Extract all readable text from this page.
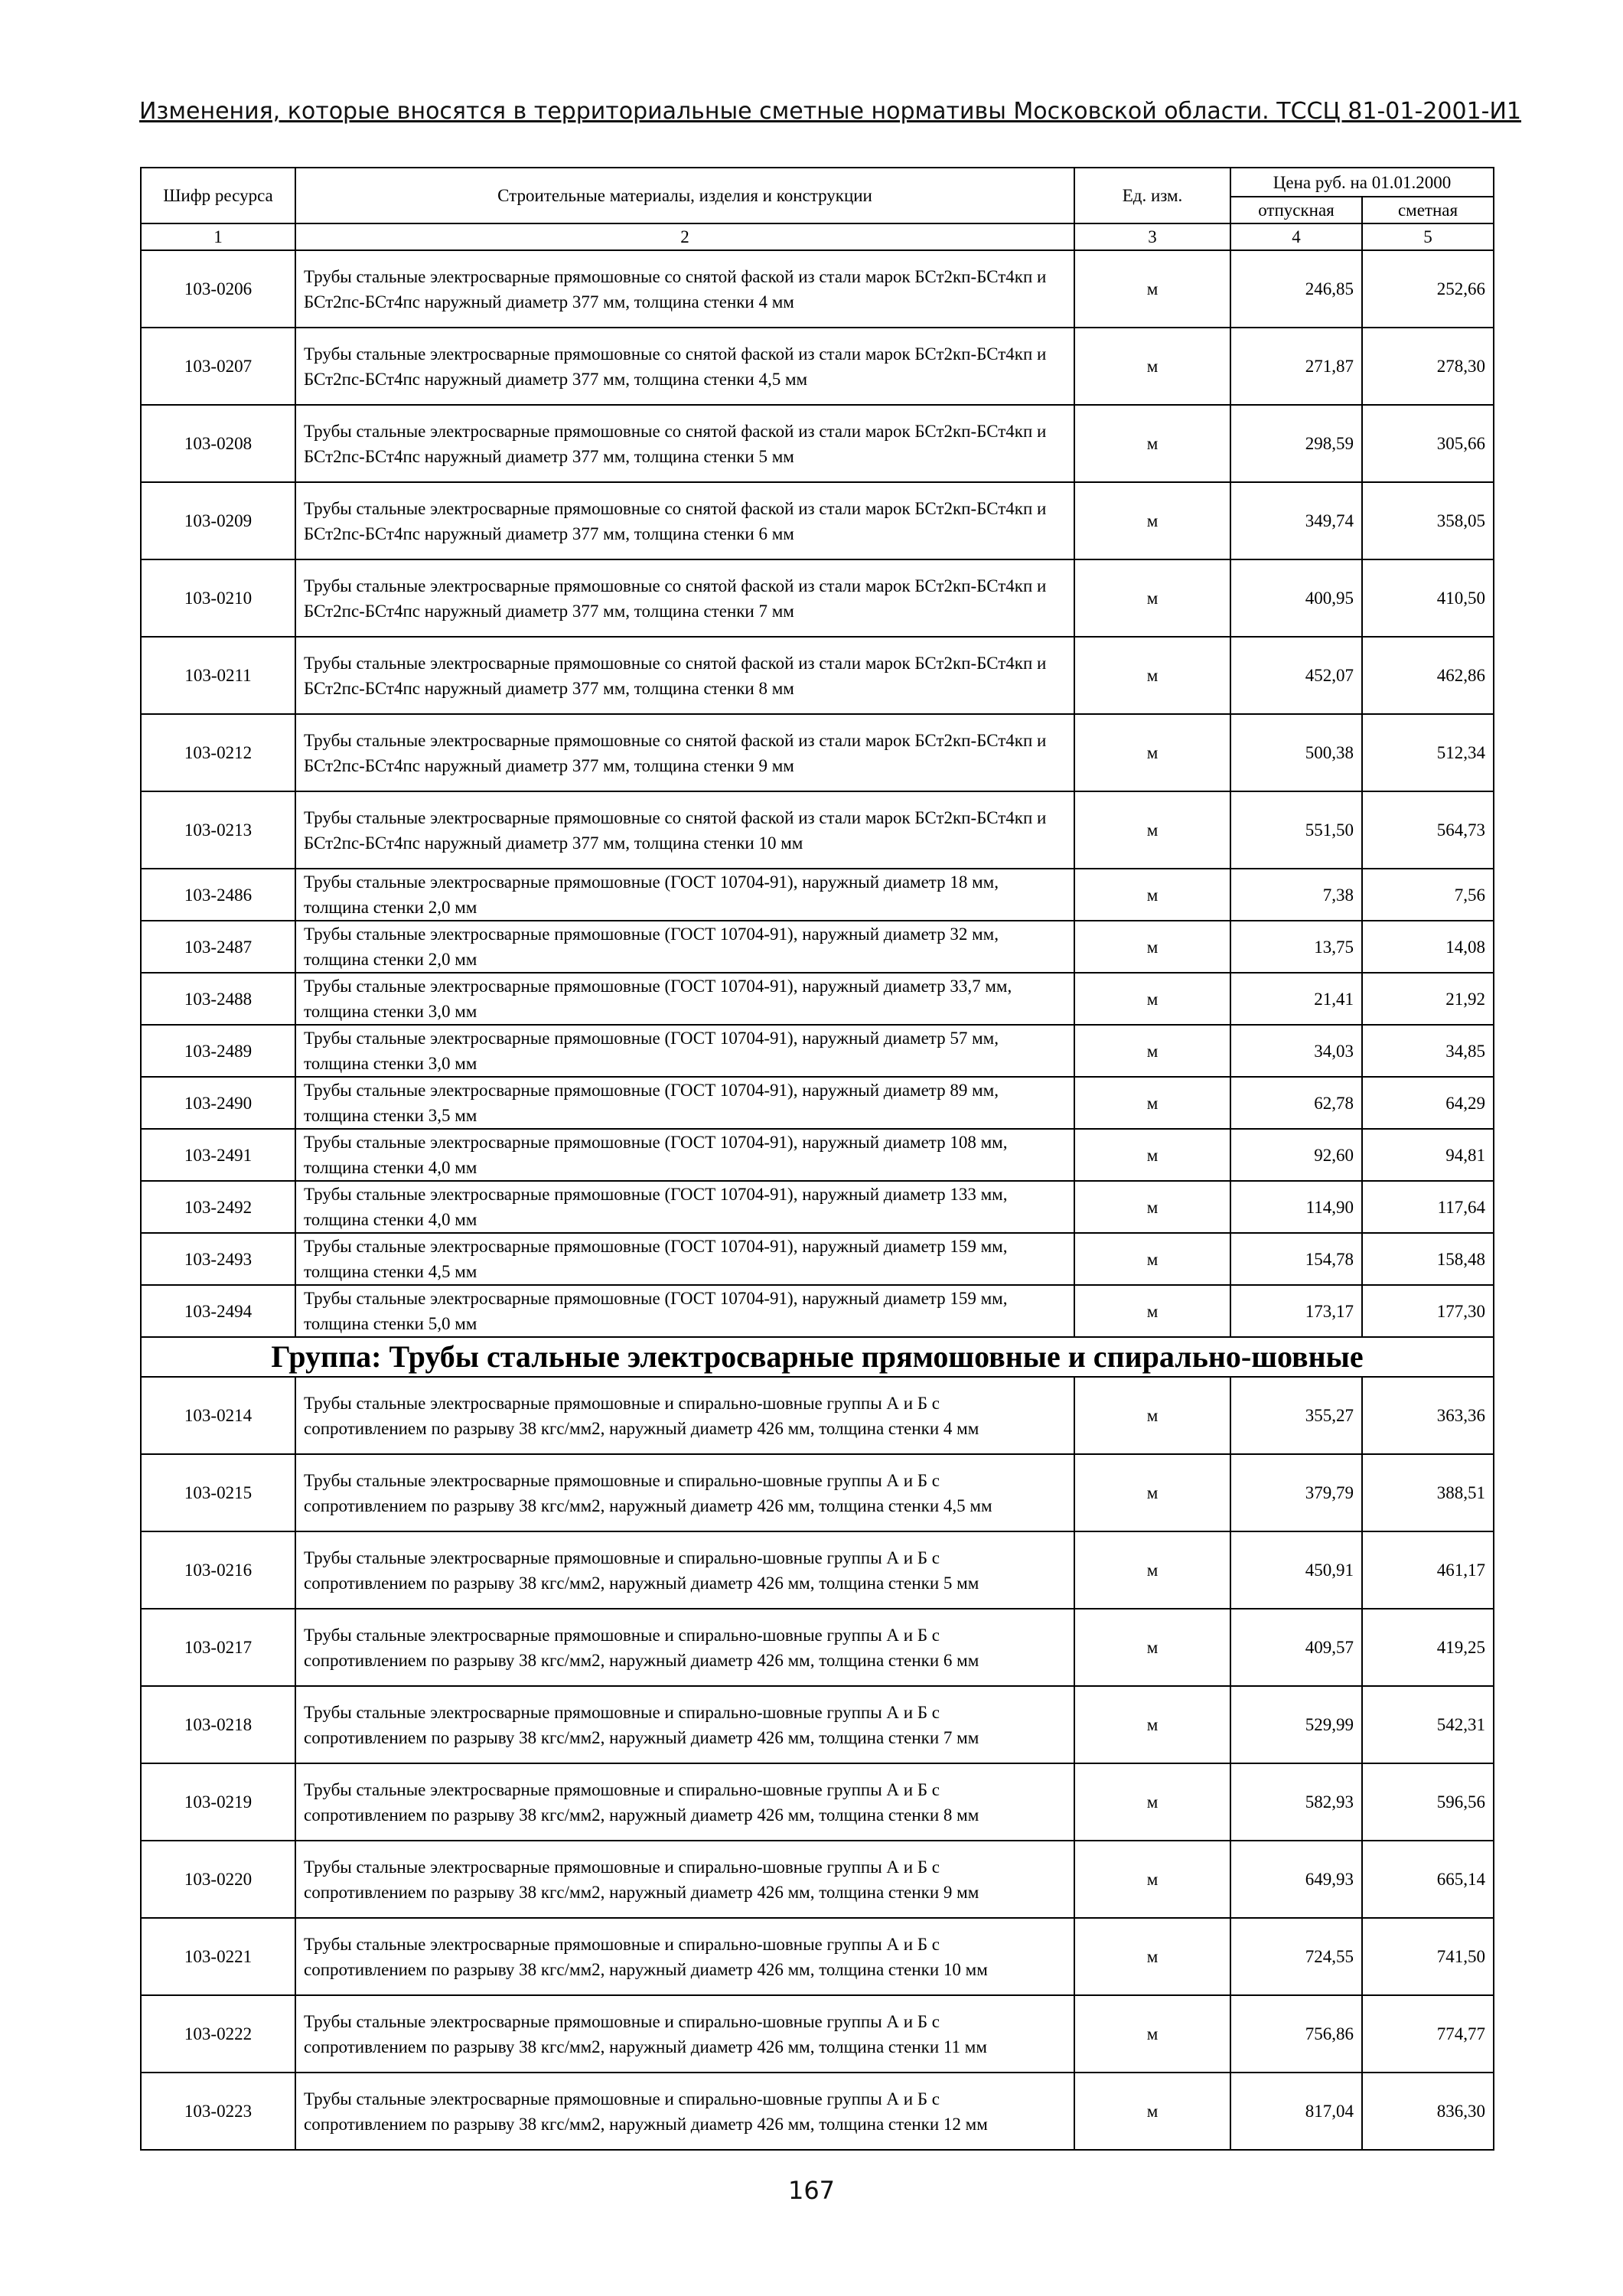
Изменения, которые вносятся в территориальные сметные нормативы Московской области. ТССЦ 81-01-2001-И1
Шифр ресурса	Строительные материалы, изделия и конструкции	Ед. изм.	Цена руб. на 01.01.2000	
			отпускная	сметная
1	2	3	4	5
103-0206	Трубы стальные электросварные прямошовные со снятой фаской из стали марок БСт2кп-БСт4кп и БСт2пс-БСт4пс наружный диаметр 377 мм, толщина стенки 4 мм	м	246,85	252,66
103-0207	Трубы стальные электросварные прямошовные со снятой фаской из стали марок БСт2кп-БСт4кп и БСт2пс-БСт4пс наружный диаметр 377 мм, толщина стенки 4,5 мм	м	271,87	278,30
103-0208	Трубы стальные электросварные прямошовные со снятой фаской из стали марок БСт2кп-БСт4кп и БСт2пс-БСт4пс наружный диаметр 377 мм, толщина стенки 5 мм	м	298,59	305,66
103-0209	Трубы стальные электросварные прямошовные со снятой фаской из стали марок БСт2кп-БСт4кп и БСт2пс-БСт4пс наружный диаметр 377 мм, толщина стенки 6 мм	м	349,74	358,05
103-0210	Трубы стальные электросварные прямошовные со снятой фаской из стали марок БСт2кп-БСт4кп и БСт2пс-БСт4пс наружный диаметр 377 мм, толщина стенки 7 мм	м	400,95	410,50
103-0211	Трубы стальные электросварные прямошовные со снятой фаской из стали марок БСт2кп-БСт4кп и БСт2пс-БСт4пс наружный диаметр 377 мм, толщина стенки 8 мм	м	452,07	462,86
103-0212	Трубы стальные электросварные прямошовные со снятой фаской из стали марок БСт2кп-БСт4кп и БСт2пс-БСт4пс наружный диаметр 377 мм, толщина стенки 9 мм	м	500,38	512,34
103-0213	Трубы стальные электросварные прямошовные со снятой фаской из стали марок БСт2кп-БСт4кп и БСт2пс-БСт4пс наружный диаметр 377 мм, толщина стенки 10 мм	м	551,50	564,73
103-2486	Трубы стальные электросварные прямошовные (ГОСТ 10704-91), наружный диаметр 18 мм, толщина стенки 2,0 мм	м	7,38	7,56
103-2487	Трубы стальные электросварные прямошовные (ГОСТ 10704-91), наружный диаметр 32 мм, толщина стенки 2,0 мм	м	13,75	14,08
103-2488	Трубы стальные электросварные прямошовные (ГОСТ 10704-91), наружный диаметр 33,7 мм, толщина стенки 3,0 мм	м	21,41	21,92
103-2489	Трубы стальные электросварные прямошовные (ГОСТ 10704-91), наружный диаметр 57 мм, толщина стенки 3,0 мм	м	34,03	34,85
103-2490	Трубы стальные электросварные прямошовные (ГОСТ 10704-91), наружный диаметр 89 мм, толщина стенки 3,5 мм	м	62,78	64,29
103-2491	Трубы стальные электросварные прямошовные (ГОСТ 10704-91), наружный диаметр 108 мм, толщина стенки 4,0 мм	м	92,60	94,81
103-2492	Трубы стальные электросварные прямошовные (ГОСТ 10704-91), наружный диаметр 133 мм, толщина стенки 4,0 мм	м	114,90	117,64
103-2493	Трубы стальные электросварные прямошовные (ГОСТ 10704-91), наружный диаметр 159 мм, толщина стенки 4,5 мм	м	154,78	158,48
103-2494	Трубы стальные электросварные прямошовные (ГОСТ 10704-91), наружный диаметр 159 мм, толщина стенки 5,0 мм	м	173,17	177,30
Группа: Трубы стальные электросварные прямошовные и спирально-шовные				
103-0214	Трубы стальные электросварные прямошовные и спирально-шовные группы А и Б с сопротивлением по разрыву 38 кгс/мм2, наружный диаметр 426 мм, толщина стенки 4 мм	м	355,27	363,36
103-0215	Трубы стальные электросварные прямошовные и спирально-шовные группы А и Б с сопротивлением по разрыву 38 кгс/мм2, наружный диаметр 426 мм, толщина стенки 4,5 мм	м	379,79	388,51
103-0216	Трубы стальные электросварные прямошовные и спирально-шовные группы А и Б с сопротивлением по разрыву 38 кгс/мм2, наружный диаметр 426 мм, толщина стенки 5 мм	м	450,91	461,17
103-0217	Трубы стальные электросварные прямошовные и спирально-шовные группы А и Б с сопротивлением по разрыву 38 кгс/мм2, наружный диаметр 426 мм, толщина стенки 6 мм	м	409,57	419,25
103-0218	Трубы стальные электросварные прямошовные и спирально-шовные группы А и Б с сопротивлением по разрыву 38 кгс/мм2, наружный диаметр 426 мм, толщина стенки 7 мм	м	529,99	542,31
103-0219	Трубы стальные электросварные прямошовные и спирально-шовные группы А и Б с сопротивлением по разрыву 38 кгс/мм2, наружный диаметр 426 мм, толщина стенки 8 мм	м	582,93	596,56
103-0220	Трубы стальные электросварные прямошовные и спирально-шовные группы А и Б с сопротивлением по разрыву 38 кгс/мм2, наружный диаметр 426 мм, толщина стенки 9 мм	м	649,93	665,14
103-0221	Трубы стальные электросварные прямошовные и спирально-шовные группы А и Б с сопротивлением по разрыву 38 кгс/мм2, наружный диаметр 426 мм, толщина стенки 10 мм	м	724,55	741,50
103-0222	Трубы стальные электросварные прямошовные и спирально-шовные группы А и Б с сопротивлением по разрыву 38 кгс/мм2, наружный диаметр 426 мм, толщина стенки 11 мм	м	756,86	774,77
103-0223	Трубы стальные электросварные прямошовные и спирально-шовные группы А и Б с сопротивлением по разрыву 38 кгс/мм2, наружный диаметр 426 мм, толщина стенки 12 мм	м	817,04	836,30
167
